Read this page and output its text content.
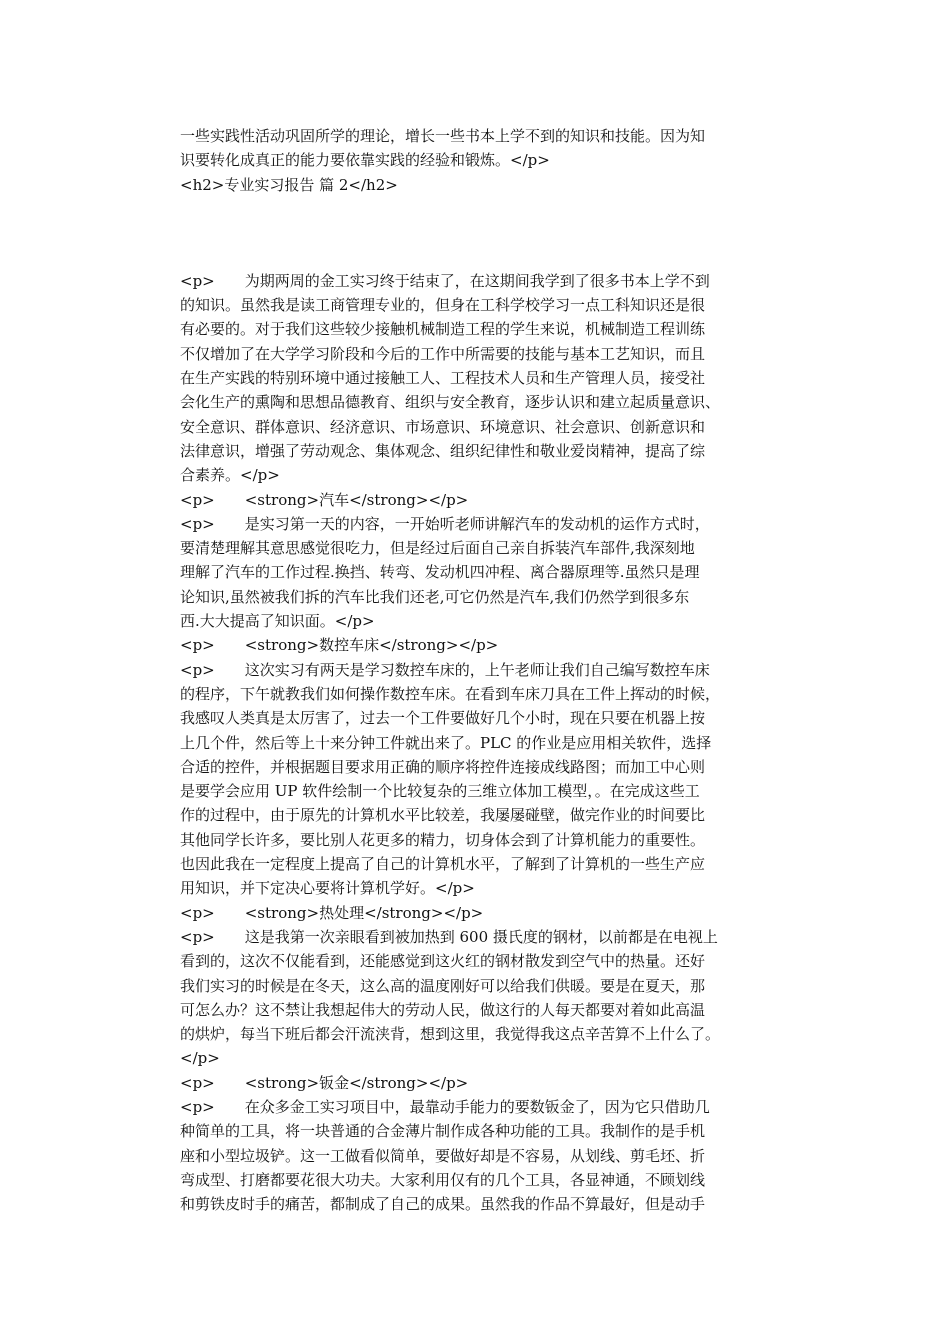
一些实践性活动巩固所学的理论，增长一些书本上学不到的知识和技能。因为知
识要转化成真正的能力要依靠实践的经验和锻炼。</p>
<h2>专业实习报告 篇 2</h2>
<p>　　为期两周的金工实习终于结束了，在这期间我学到了很多书本上学不到
的知识。虽然我是读工商管理专业的，但身在工科学校学习一点工科知识还是很
有必要的。对于我们这些较少接触机械制造工程的学生来说，机械制造工程训练
不仅增加了在大学学习阶段和今后的工作中所需要的技能与基本工艺知识，而且
在生产实践的特别环境中通过接触工人、工程技术人员和生产管理人员，接受社
会化生产的熏陶和思想品德教育、组织与安全教育，逐步认识和建立起质量意识、
安全意识、群体意识、经济意识、市场意识、环境意识、社会意识、创新意识和
法律意识，增强了劳动观念、集体观念、组织纪律性和敬业爱岗精神，提高了综
合素养。</p>
<p>　　<strong>汽车</strong></p>
<p>　　是实习第一天的内容，一开始听老师讲解汽车的发动机的运作方式时，
要清楚理解其意思感觉很吃力，但是经过后面自己亲自拆装汽车部件,我深刻地
理解了汽车的工作过程.换挡、转弯、发动机四冲程、离合器原理等.虽然只是理
论知识,虽然被我们拆的汽车比我们还老,可它仍然是汽车,我们仍然学到很多东
西.大大提高了知识面。</p>
<p>　　<strong>数控车床</strong></p>
<p>　　这次实习有两天是学习数控车床的，上午老师让我们自己编写数控车床
的程序，下午就教我们如何操作数控车床。在看到车床刀具在工件上挥动的时候，
我感叹人类真是太厉害了，过去一个工件要做好几个小时，现在只要在机器上按
上几个件，然后等上十来分钟工件就出来了。PLC 的作业是应用相关软件，选择
合适的控件，并根据题目要求用正确的顺序将控件连接成线路图；而加工中心则
是要学会应用 UP 软件绘制一个比较复杂的三维立体加工模型，。在完成这些工
作的过程中，由于原先的计算机水平比较差，我屡屡碰壁，做完作业的时间要比
其他同学长许多，要比别人花更多的精力，切身体会到了计算机能力的重要性。
也因此我在一定程度上提高了自己的计算机水平，了解到了计算机的一些生产应
用知识，并下定决心要将计算机学好。</p>
<p>　　<strong>热处理</strong></p>
<p>　　这是我第一次亲眼看到被加热到 600 摄氏度的钢材，以前都是在电视上
看到的，这次不仅能看到，还能感觉到这火红的钢材散发到空气中的热量。还好
我们实习的时候是在冬天，这么高的温度刚好可以给我们供暖。要是在夏天，那
可怎么办？这不禁让我想起伟大的劳动人民，做这行的人每天都要对着如此高温
的烘炉，每当下班后都会汗流浃背，想到这里，我觉得我这点辛苦算不上什么了。
</p>
<p>　　<strong>钣金</strong></p>
<p>　　在众多金工实习项目中，最靠动手能力的要数钣金了，因为它只借助几
种简单的工具，将一块普通的合金薄片制作成各种功能的工具。我制作的是手机
座和小型垃圾铲。这一工做看似简单，要做好却是不容易，从划线、剪毛坯、折
弯成型、打磨都要花很大功夫。大家利用仅有的几个工具，各显神通，不顾划线
和剪铁皮时手的痛苦，都制成了自己的成果。虽然我的作品不算最好，但是动手
